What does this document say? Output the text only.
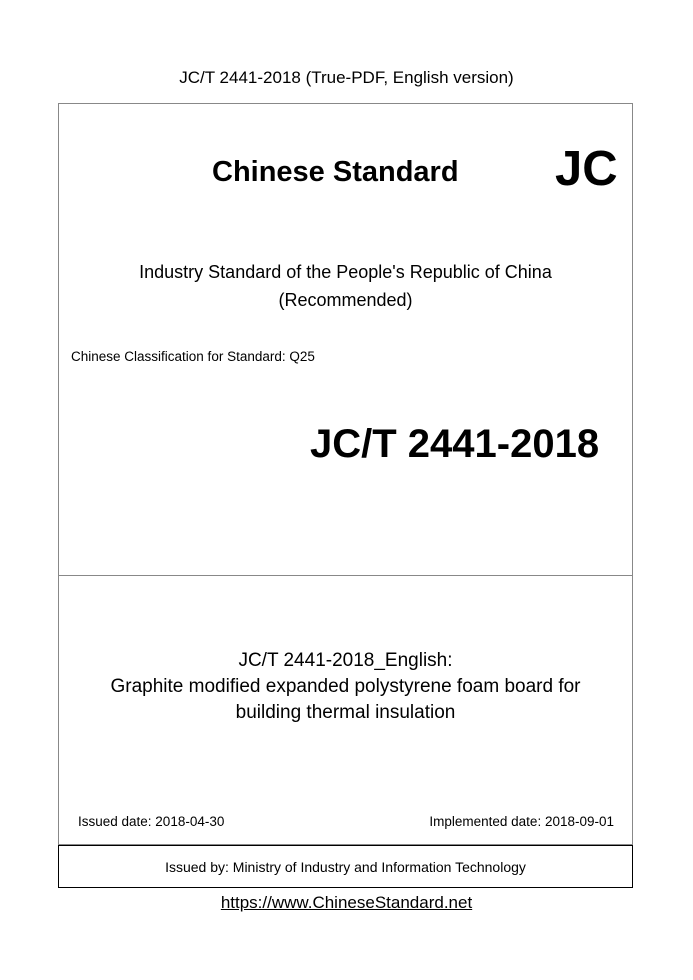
JC/T 2441-2018 (True-PDF, English version)
Chinese Standard JC
Industry Standard of the People's Republic of China
(Recommended)
Chinese Classification for Standard: Q25
JC/T 2441-2018
JC/T 2441-2018_English:
Graphite modified expanded polystyrene foam board for
building thermal insulation
Issued date: 2018-04-30	Implemented date: 2018-09-01
Issued by: Ministry of Industry and Information Technology
https://www.ChineseStandard.net
